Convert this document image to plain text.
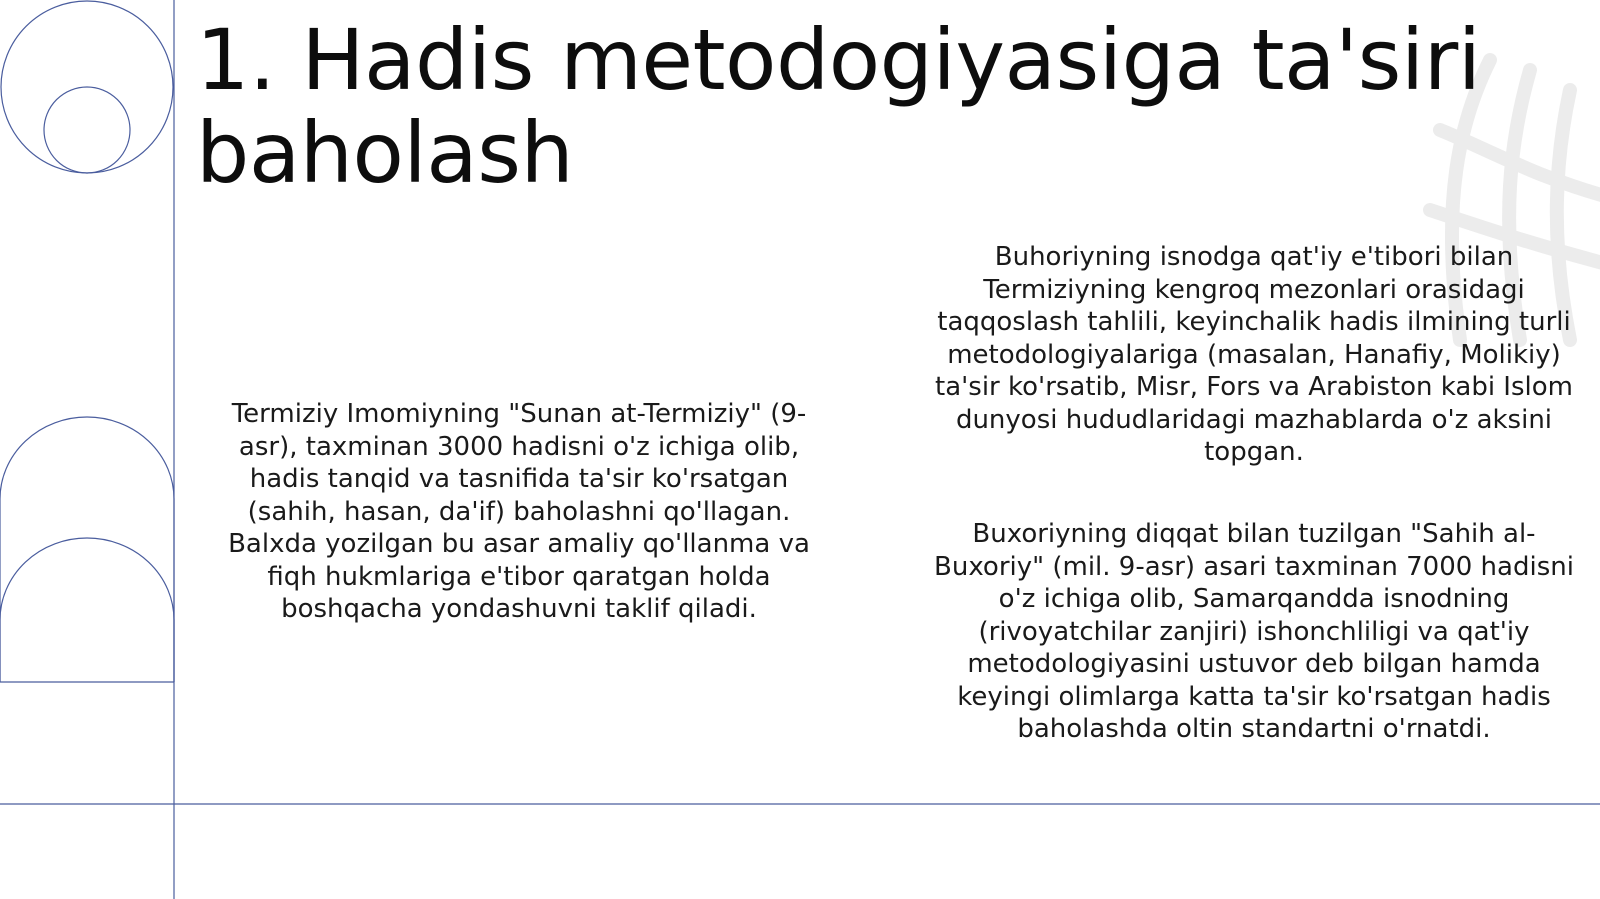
1. Hadis metodogiyasiga ta'siri baholash

Termiziy Imomiyning "Sunan at-Termiziy" (9-asr), taxminan 3000 hadisni o'z ichiga olib, hadis tanqid va tasnifida ta'sir ko'rsatgan (sahih, hasan, da'if) baholashni qo'llagan. Balxda yozilgan bu asar amaliy qo'llanma va fiqh hukmlariga e'tibor qaratgan holda boshqacha yondashuvni taklif qiladi.

Buhoriyning isnodga qat'iy e'tibori bilan Termiziyning kengroq mezonlari orasidagi taqqoslash tahlili, keyinchalik hadis ilmining turli metodologiyalariga (masalan, Hanafiy, Molikiy) ta'sir ko'rsatib, Misr, Fors va Arabiston kabi Islom dunyosi hududlaridagi mazhablarda o'z aksini topgan.

Buxoriyning diqqat bilan tuzilgan "Sahih al-Buxoriy" (mil. 9-asr) asari taxminan 7000 hadisni o'z ichiga olib, Samarqandda isnodning (rivoyatchilar zanjiri) ishonchliligi va qat'iy metodologiyasini ustuvor deb bilgan hamda keyingi olimlarga katta ta'sir ko'rsatgan hadis baholashda oltin standartni o'rnatdi.
